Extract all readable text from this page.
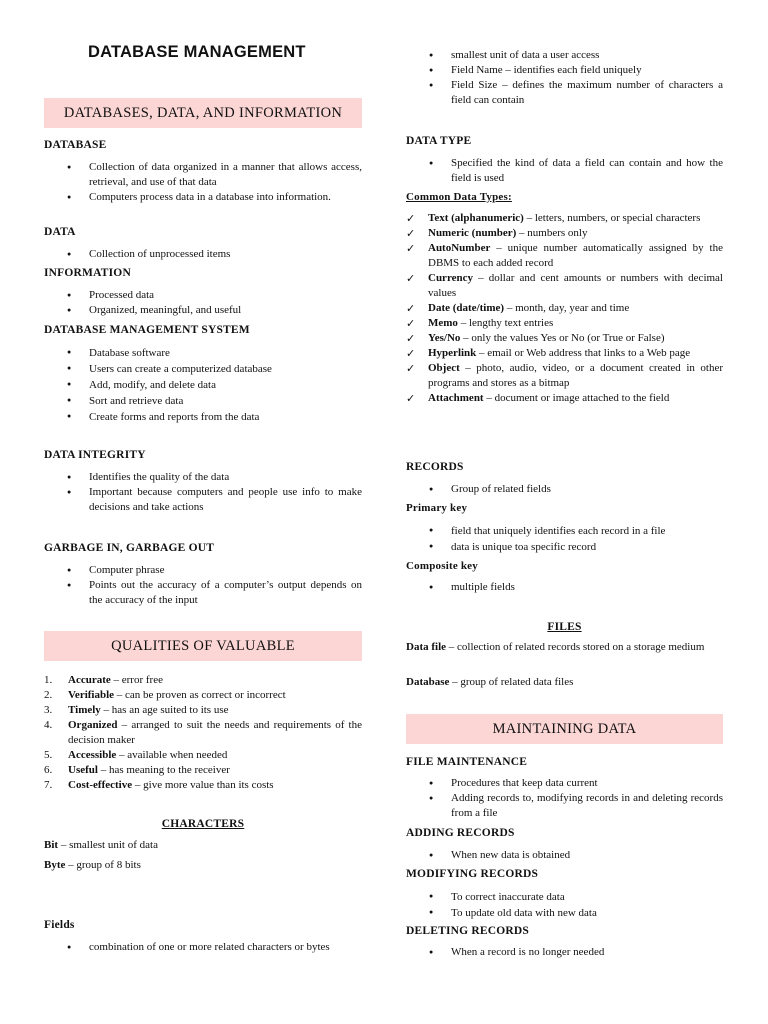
DATABASE MANAGEMENT
DATABASES, DATA, AND INFORMATION
DATABASE
● Collection of data organized in a manner that allows access, retrieval, and use of that data
● Computers process data in a database into information.
DATA
● Collection of unprocessed items
INFORMATION
● Processed data
● Organized, meaningful, and useful
DATABASE MANAGEMENT SYSTEM
● Database software
● Users can create a computerized database
● Add, modify, and delete data
● Sort and retrieve data
● Create forms and reports from the data
DATA INTEGRITY
● Identifies the quality of the data
● Important because computers and people use info to make decisions and take actions
GARBAGE IN, GARBAGE OUT
● Computer phrase
● Points out the accuracy of a computer’s output depends on the accuracy of the input
QUALITIES OF VALUABLE
1. Accurate – error free
2. Verifiable – can be proven as correct or incorrect
3. Timely – has an age suited to its use
4. Organized – arranged to suit the needs and requirements of the decision maker
5. Accessible – available when needed
6. Useful – has meaning to the receiver
7. Cost-effective – give more value than its costs
CHARACTERS
Bit – smallest unit of data
Byte – group of 8 bits
Fields
● combination of one or more related characters or bytes
● smallest unit of data a user access
● Field Name – identifies each field uniquely
● Field Size – defines the maximum number of characters a field can contain
DATA TYPE
● Specified the kind of data a field can contain and how the field is used
Common Data Types:
✓ Text (alphanumeric) – letters, numbers, or special characters
✓ Numeric (number) – numbers only
✓ AutoNumber – unique number automatically assigned by the DBMS to each added record
✓ Currency – dollar and cent amounts or numbers with decimal values
✓ Date (date/time) – month, day, year and time
✓ Memo – lengthy text entries
✓ Yes/No – only the values Yes or No (or True or False)
✓ Hyperlink – email or Web address that links to a Web page
✓ Object – photo, audio, video, or a document created in other programs and stores as a bitmap
✓ Attachment – document or image attached to the field
RECORDS
● Group of related fields
Primary key
● field that uniquely identifies each record in a file
● data is unique toa specific record
Composite key
● multiple fields
FILES
Data file – collection of related records stored on a storage medium
Database – group of related data files
MAINTAINING DATA
FILE MAINTENANCE
● Procedures that keep data current
● Adding records to, modifying records in and deleting records from a file
ADDING RECORDS
● When new data is obtained
MODIFYING RECORDS
● To correct inaccurate data
● To update old data with new data
DELETING RECORDS
● When a record is no longer needed
